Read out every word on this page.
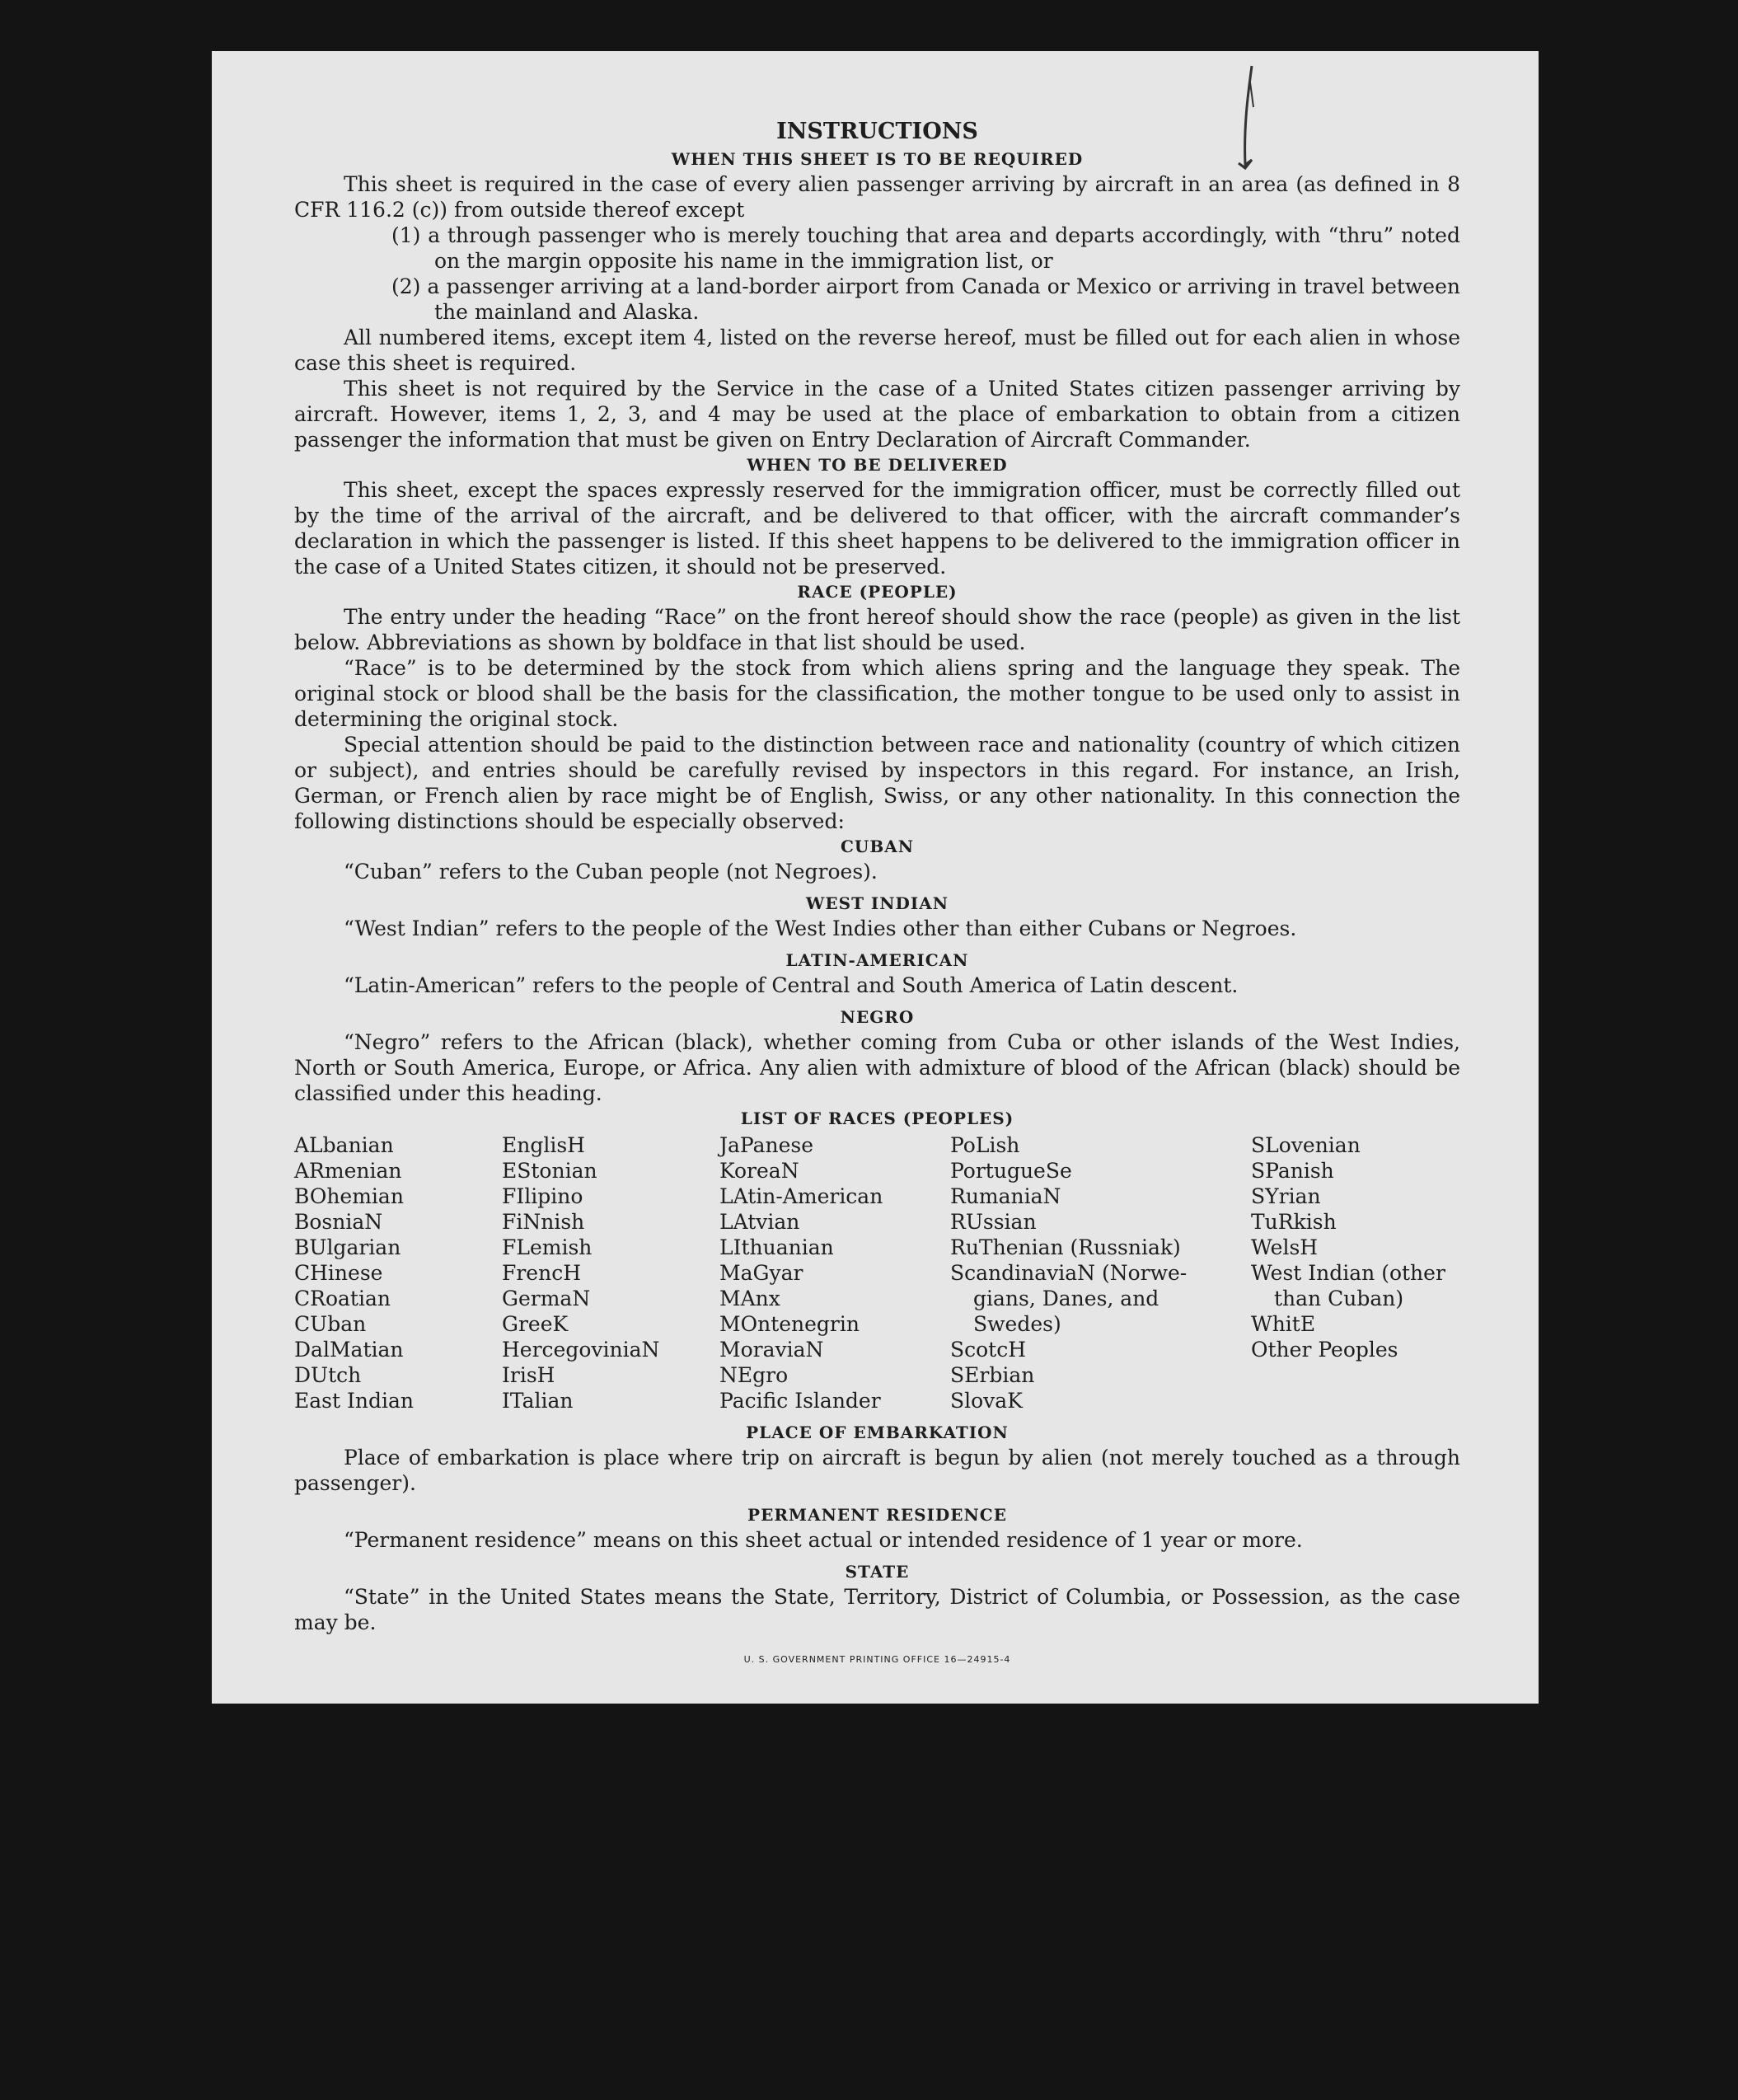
INSTRUCTIONS

WHEN THIS SHEET IS TO BE REQUIRED

This sheet is required in the case of every alien passenger arriving by aircraft in an area (as defined in 8 CFR 116.2 (c)) from outside thereof except

(1) a through passenger who is merely touching that area and departs accordingly, with “thru” noted on the margin opposite his name in the immigration list, or

(2) a passenger arriving at a land-border airport from Canada or Mexico or arriving in travel between the mainland and Alaska.

All numbered items, except item 4, listed on the reverse hereof, must be filled out for each alien in whose case this sheet is required.

This sheet is not required by the Service in the case of a United States citizen passenger arriving by aircraft. However, items 1, 2, 3, and 4 may be used at the place of embarkation to obtain from a citizen passenger the information that must be given on Entry Declaration of Aircraft Commander.

WHEN TO BE DELIVERED

This sheet, except the spaces expressly reserved for the immigration officer, must be correctly filled out by the time of the arrival of the aircraft, and be delivered to that officer, with the aircraft commander’s declaration in which the passenger is listed. If this sheet happens to be delivered to the immigration officer in the case of a United States citizen, it should not be preserved.

RACE (PEOPLE)

The entry under the heading “Race” on the front hereof should show the race (people) as given in the list below. Abbreviations as shown by boldface in that list should be used.

“Race” is to be determined by the stock from which aliens spring and the language they speak. The original stock or blood shall be the basis for the classification, the mother tongue to be used only to assist in determining the original stock.

Special attention should be paid to the distinction between race and nationality (country of which citizen or subject), and entries should be carefully revised by inspectors in this regard. For instance, an Irish, German, or French alien by race might be of English, Swiss, or any other nationality. In this connection the following distinctions should be especially observed:

CUBAN

“Cuban” refers to the Cuban people (not Negroes).

WEST INDIAN

“West Indian” refers to the people of the West Indies other than either Cubans or Negroes.

LATIN-AMERICAN

“Latin-American” refers to the people of Central and South America of Latin descent.

NEGRO

“Negro” refers to the African (black), whether coming from Cuba or other islands of the West Indies, North or South America, Europe, or Africa. Any alien with admixture of blood of the African (black) should be classified under this heading.

LIST OF RACES (PEOPLES)

ALbanian
ARmenian
BOhemian
BosniaN
BUlgarian
CHinese
CRoatian
CUban
DalMatian
DUtch
East Indian
EnglisH
EStonian
FIlipino
FiNnish
FLemish
FrencH
GermaN
GreeK
HercegoviniaN
IrisH
ITalian
JaPanese
KoreaN
LAtin-American
LAtvian
LIthuanian
MaGyar
MAnx
MOntenegrin
MoraviaN
NEgro
Pacific Islander
PoLish
PortugueSe
RumaniaN
RUssian
RuThenian (Russniak)
ScandinaviaN (Norwe-
gians, Danes, and
Swedes)
ScotcH
SErbian
SlovaK
SLovenian
SPanish
SYrian
TuRkish
WelsH
West Indian (other
than Cuban)
WhitE
Other Peoples

PLACE OF EMBARKATION

Place of embarkation is place where trip on aircraft is begun by alien (not merely touched as a through passenger).

PERMANENT RESIDENCE

“Permanent residence” means on this sheet actual or intended residence of 1 year or more.

STATE

“State” in the United States means the State, Territory, District of Columbia, or Possession, as the case may be.

U. S. GOVERNMENT PRINTING OFFICE 16—24915-4
